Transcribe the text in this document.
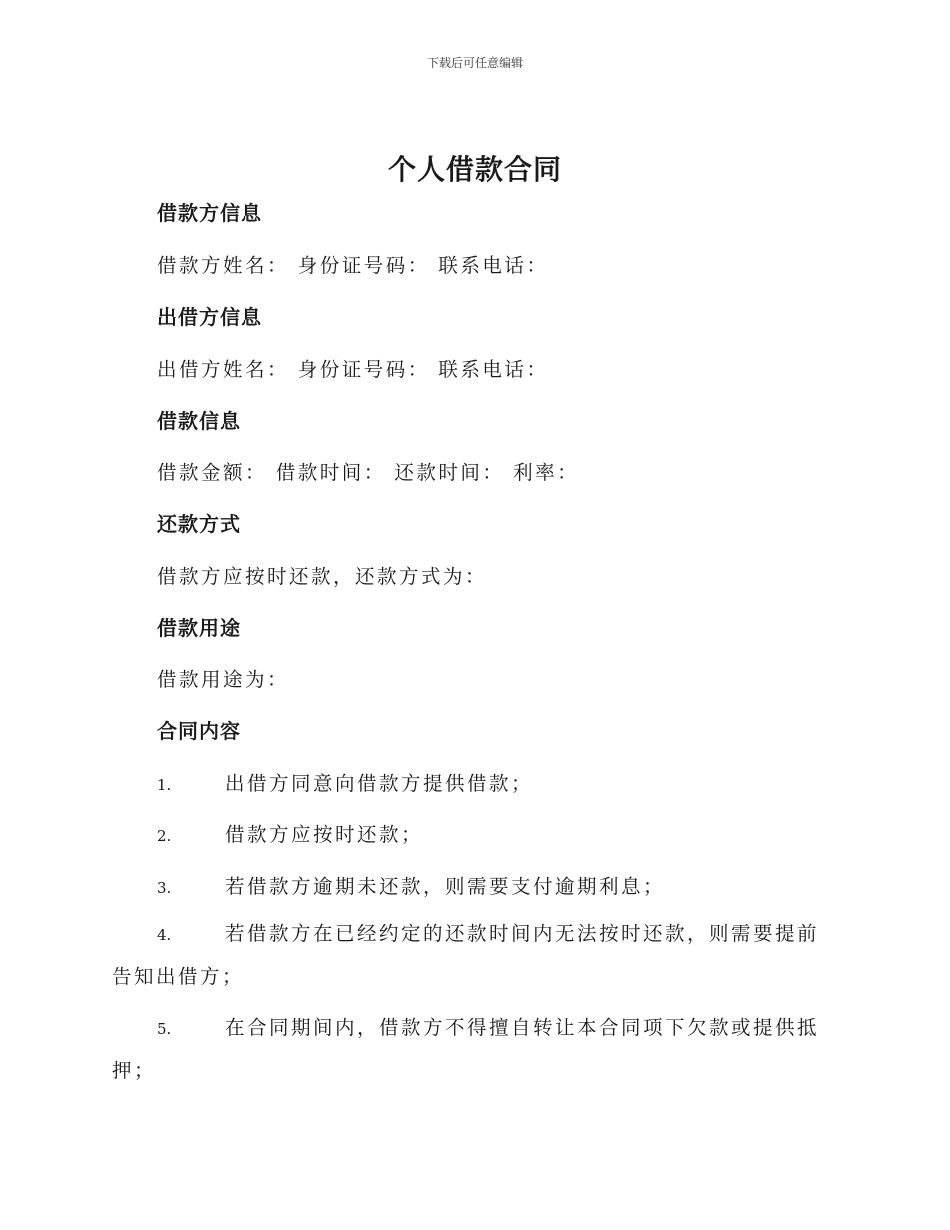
下载后可任意编辑
个人借款合同
借款方信息
借款方姓名： 身份证号码： 联系电话：
出借方信息
出借方姓名： 身份证号码： 联系电话：
借款信息
借款金额： 借款时间： 还款时间： 利率：
还款方式
借款方应按时还款，还款方式为：
借款用途
借款用途为：
合同内容
1.	出借方同意向借款方提供借款；
2.	借款方应按时还款；
3.	若借款方逾期未还款，则需要支付逾期利息；
4.	若借款方在已经约定的还款时间内无法按时还款，则需要提前告知出借方；
5.	在合同期间内，借款方不得擅自转让本合同项下欠款或提供抵押；
